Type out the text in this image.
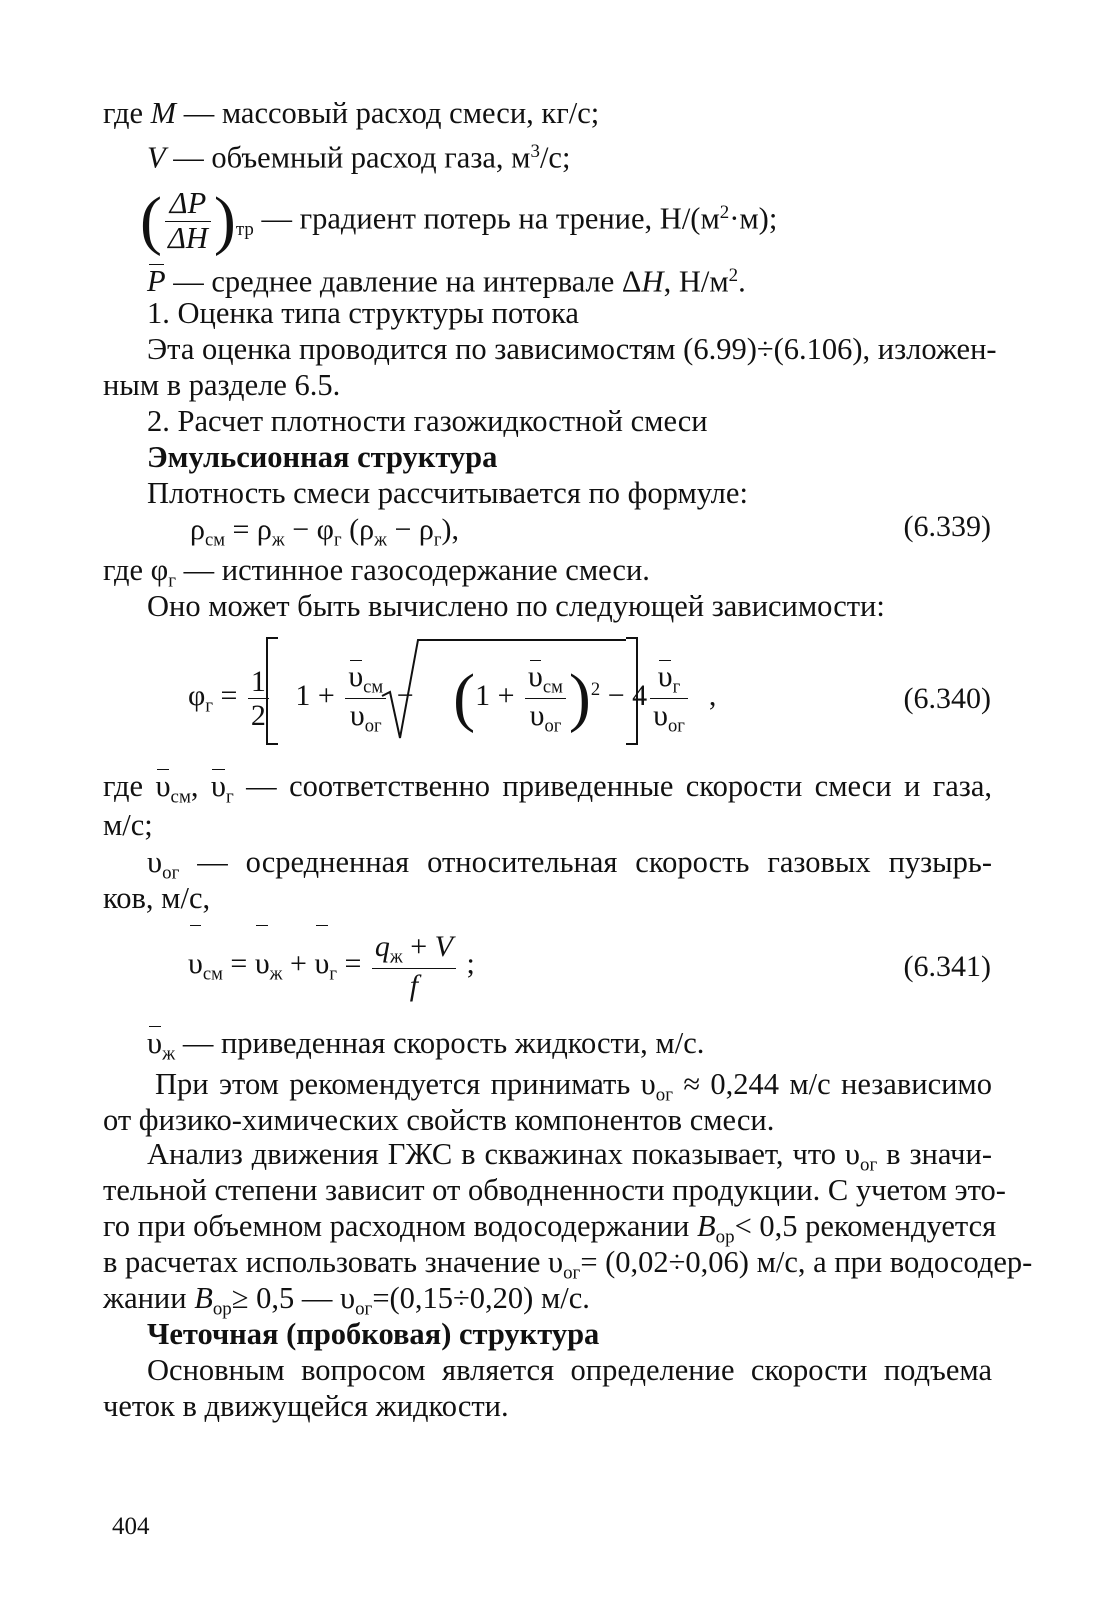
где M — массовый расход смеси, кг/с;
V — объемный расход газа, $м^3/с$;
( $\frac{\Delta P}{\Delta H} )_{тр}$ — градиент потерь на трение, $Н/(м^2\cdot м)$;
P — среднее давление на интервале ΔH, $Н/м^2$.
1. Оценка типа структуры потока
Эта оценка проводится по зависимостям (6.99)÷(6.106), изложен-
ным в разделе 6.5.
2. Расчет плотности газожидкостной смеси
Эмульсионная структура
Плотность смеси рассчитывается по формуле:
$\rho_{см} = \rho_ж - \varphi_г$ $(\rho_ж - \rho_г)$,	(6.339)
где $\varphi_г$ — истинное газосодержание смеси.
Оно может быть вычислено по следующей зависимости:
$\varphi_г = \frac{1}{2} 1 + \frac{\upsilon_{см}}{\upsilon_{ог}} - (1 + \frac{\upsilon_{см}}{\upsilon_{ог}} )^2 - 4 \frac{\upsilon_г}{\upsilon_{ог}}$ ,	(6.340)
где $\upsilon_{см}$, $\upsilon_г$ — соответственно приведенные скорости смеси и газа,
м/с;
$\upsilon_{ог}$ — осредненная относительная скорость газовых пузырь-
ков, м/с,
$\upsilon_{см} = \upsilon_ж + \upsilon_г = \frac{q_ж + V}{f}$ ;	(6.341)
$\upsilon_ж$ — приведенная скорость жидкости, м/с.
При этом рекомендуется принимать $\upsilon_{ог} \approx 0,244$ м/с независимо
от физико-химических свойств компонентов смеси.
Анализ движения ГЖС в скважинах показывает, что $\upsilon_{ог}$ в значи-
тельной степени зависит от обводненности продукции. С учетом это-
го при объемном расходном водосодержании $B_{ор}< 0,5$ рекомендуется
в расчетах использовать значение $\upsilon_{ог}= (0,02\div 0,06)$ м/с, а при водосодер-
жании $B_{ор}\ge 0,5$ — $\upsilon_{ог}=(0,15\div 0,20)$ м/с.
Четочная (пробковая) структура
Основным вопросом является определение скорости подъема
четок в движущейся жидкости.
404
